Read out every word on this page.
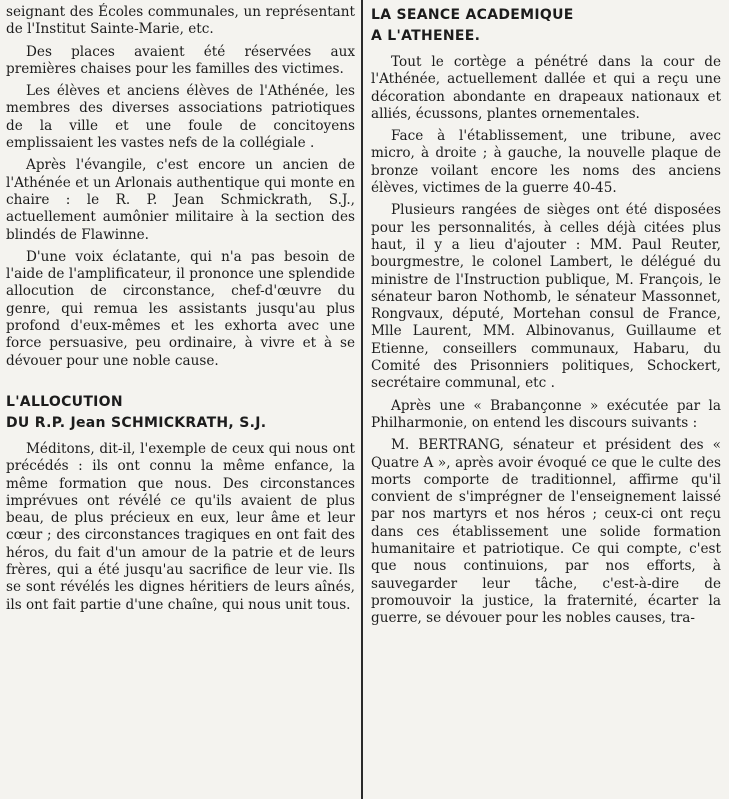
seignant des Écoles communales, un représentant de l'Institut Sainte-Marie, etc.

Des places avaient été réservées aux premières chaises pour les familles des victimes.

Les élèves et anciens élèves de l'Athénée, les membres des diverses associations patriotiques de la ville et une foule de concitoyens emplissaient les vastes nefs de la collégiale .

Après l'évangile, c'est encore un ancien de l'Athénée et un Arlonais authentique qui monte en chaire : le R. P. Jean Schmickrath, S.J., actuellement aumônier militaire à la section des blindés de Flawinne.

D'une voix éclatante, qui n'a pas besoin de l'aide de l'amplificateur, il prononce une splendide allocution de circonstance, chef-d'œuvre du genre, qui remua les assistants jusqu'au plus profond d'eux-mêmes et les exhorta avec une force persuasive, peu ordinaire, à vivre et à se dévouer pour une noble cause.

L'ALLOCUTION
DU R.P. Jean SCHMICKRATH, S.J.

Méditons, dit-il, l'exemple de ceux qui nous ont précédés : ils ont connu la même enfance, la même formation que nous. Des circonstances imprévues ont révélé ce qu'ils avaient de plus beau, de plus précieux en eux, leur âme et leur cœur ; des circonstances tragiques en ont fait des héros, du fait d'un amour de la patrie et de leurs frères, qui a été jusqu'au sacrifice de leur vie. Ils se sont révélés les dignes héritiers de leurs aînés, ils ont fait partie d'une chaîne, qui nous unit tous.

LA SEANCE ACADEMIQUE
A L'ATHENEE.

Tout le cortège a pénétré dans la cour de l'Athénée, actuellement dallée et qui a reçu une décoration abondante en drapeaux nationaux et alliés, écussons, plantes ornementales.

Face à l'établissement, une tribune, avec micro, à droite ; à gauche, la nouvelle plaque de bronze voilant encore les noms des anciens élèves, victimes de la guerre 40-45.

Plusieurs rangées de sièges ont été disposées pour les personnalités, à celles déjà citées plus haut, il y a lieu d'ajouter : MM. Paul Reuter, bourgmestre, le colonel Lambert, le délégué du ministre de l'Instruction publique, M. François, le sénateur baron Nothomb, le sénateur Massonnet, Rongvaux, député, Mortehan consul de France, Mlle Laurent, MM. Albinovanus, Guillaume et Etienne, conseillers communaux, Habaru, du Comité des Prisonniers politiques, Schockert, secrétaire communal, etc .

Après une « Brabançonne » exécutée par la Philharmonie, on entend les discours suivants :

M. BERTRANG, sénateur et président des « Quatre A », après avoir évoqué ce que le culte des morts comporte de traditionnel, affirme qu'il convient de s'imprégner de l'enseignement laissé par nos martyrs et nos héros ; ceux-ci ont reçu dans ces établissement une solide formation humanitaire et patriotique. Ce qui compte, c'est que nous continuions, par nos efforts, à sauvegarder leur tâche, c'est-à-dire de promouvoir la justice, la fraternité, écarter la guerre, se dévouer pour les nobles causes, tra-
